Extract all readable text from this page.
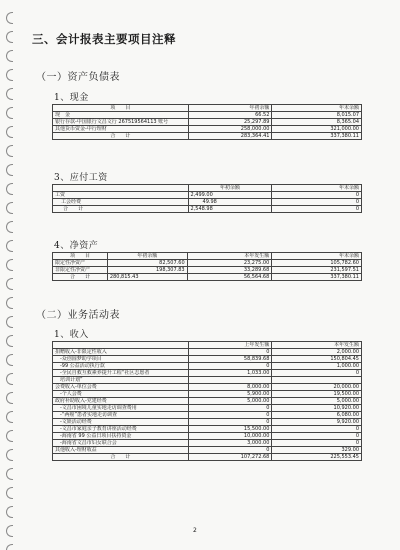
三、会计报表主要项目注释
（一）资产负债表
1、现金
项　　目	年初余额	年末余额
现　金	66.52	8,015.07
银行存款-中国银行文昌文行 267519564113 账号	25,297.89	8,365.04
其他货币资金-中行理财	258,000.00	321,000.00
合　　计	283,364.41	337,380.11
3、应付工资
	年初余额	年末余额
工资	2,499.00	0
工会经费	49.98	0
合　　计	2,548.98	0
4、净资产
项　　目	年初余额	本年发生额	年末余额
限定性净资产	82,507.60	23,275.00	105,782.60
非限定性净资产	198,307.83	33,289.68	231,597.51
合　　计	280,815.43	56,564.68	337,380.11
（二）业务活动表
1、收入
	上年发生额	本年发生额
捐赠收入-非限定性收入	0	2,000.00
　-众创圆梦助学项目	58,839.68	150,804.45
　-99 公益活动执行款	0	1,000.00
　-全民自救互救素养提升工程“社区志愿者	1,033.00	0
　培训计划”		
会费收入-单位会费	8,000.00	20,000.00
　-个人会费	5,900.00	19,500.00
政府补助收入-党建经费	5,000.00	5,000.00
　-文昌市困境儿童实地走访调查费用	0	10,920.00
　-“两癌”患者实地走访调查	0	6,080.00
　-文娱活动经费	0	9,920.00
　-文昌市家庭亲子教育讲座活动经费	15,500.00	0
　-海南省 99 公益日项目扶持资金	10,000.00	0
　-海南省文昌市妇女联合会	3,000.00	0
其他收入-理财收益	0	329.00
合　　计	107,272.68	225,553.45
2
